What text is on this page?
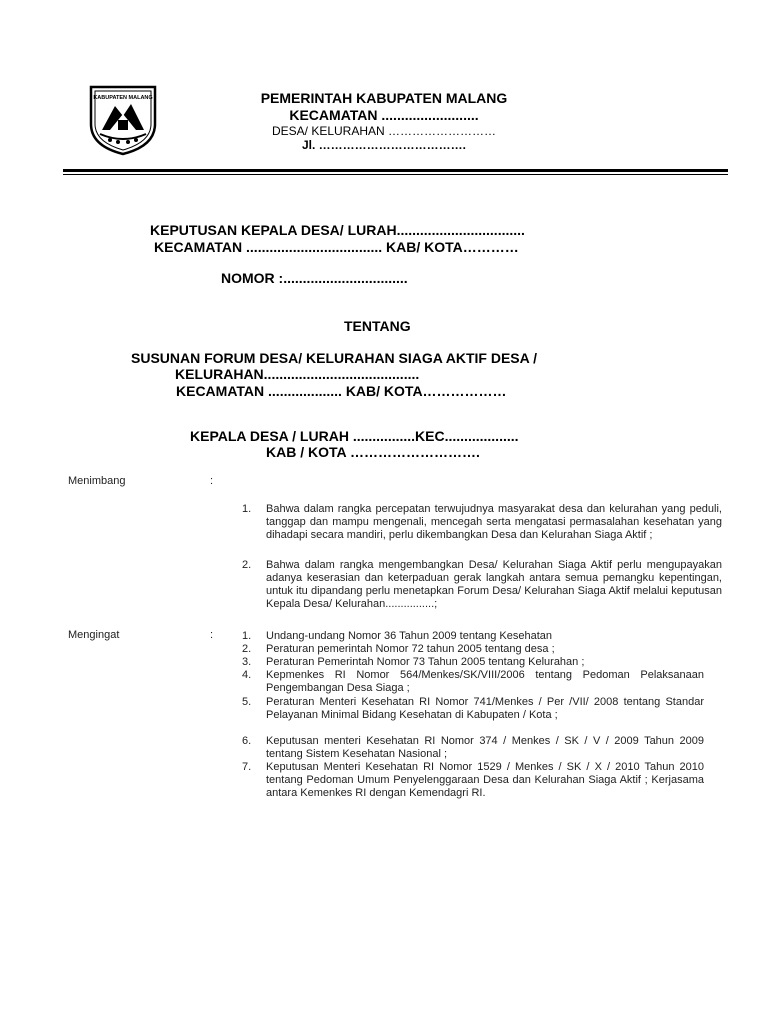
KABUPATEN MALANG	PEMERINTAH KABUPATEN MALANG
KECAMATAN .........................
DESA/ KELURAHAN ………………………
Jl. ……………………………….
KEPUTUSAN KEPALA DESA/ LURAH.................................
KECAMATAN ................................... KAB/ KOTA…………
NOMOR :................................
TENTANG
SUSUNAN FORUM DESA/ KELURAHAN SIAGA AKTIF DESA /
KELURAHAN........................................
KECAMATAN ................... KAB/ KOTA………………
KEPALA DESA / LURAH ................KEC...................
KAB / KOTA ……………………….
Menimbang	:
1.	Bahwa dalam rangka percepatan terwujudnya masyarakat desa dan kelurahan yang peduli, tanggap dan mampu mengenali, mencegah serta mengatasi permasalahan kesehatan yang dihadapi secara mandiri, perlu dikembangkan Desa dan Kelurahan Siaga Aktif ;
2.	Bahwa dalam rangka mengembangkan Desa/ Kelurahan Siaga Aktif perlu mengupayakan adanya keserasian dan keterpaduan gerak langkah antara semua pemangku kepentingan, untuk itu dipandang perlu menetapkan Forum Desa/ Kelurahan Siaga Aktif melalui keputusan Kepala Desa/ Kelurahan................;
Mengingat	:	1.	Undang-undang Nomor 36 Tahun 2009 tentang Kesehatan
2.	Peraturan pemerintah Nomor 72 tahun 2005 tentang desa ;
3.	Peraturan Pemerintah Nomor 73 Tahun 2005 tentang Kelurahan ;
4.	Kepmenkes RI Nomor 564/Menkes/SK/VIII/2006 tentang Pedoman Pelaksanaan Pengembangan Desa Siaga ;
5.	Peraturan Menteri Kesehatan RI Nomor 741/Menkes / Per /VII/ 2008 tentang Standar Pelayanan Minimal Bidang Kesehatan di Kabupaten / Kota ;
6.	Keputusan menteri Kesehatan RI Nomor 374 / Menkes / SK / V / 2009 Tahun 2009 tentang Sistem Kesehatan Nasional ;
7.	Keputusan Menteri Kesehatan RI Nomor 1529 / Menkes / SK / X / 2010 Tahun 2010 tentang Pedoman Umum Penyelenggaraan Desa dan Kelurahan Siaga Aktif ; Kerjasama antara Kemenkes RI dengan Kemendagri RI.
